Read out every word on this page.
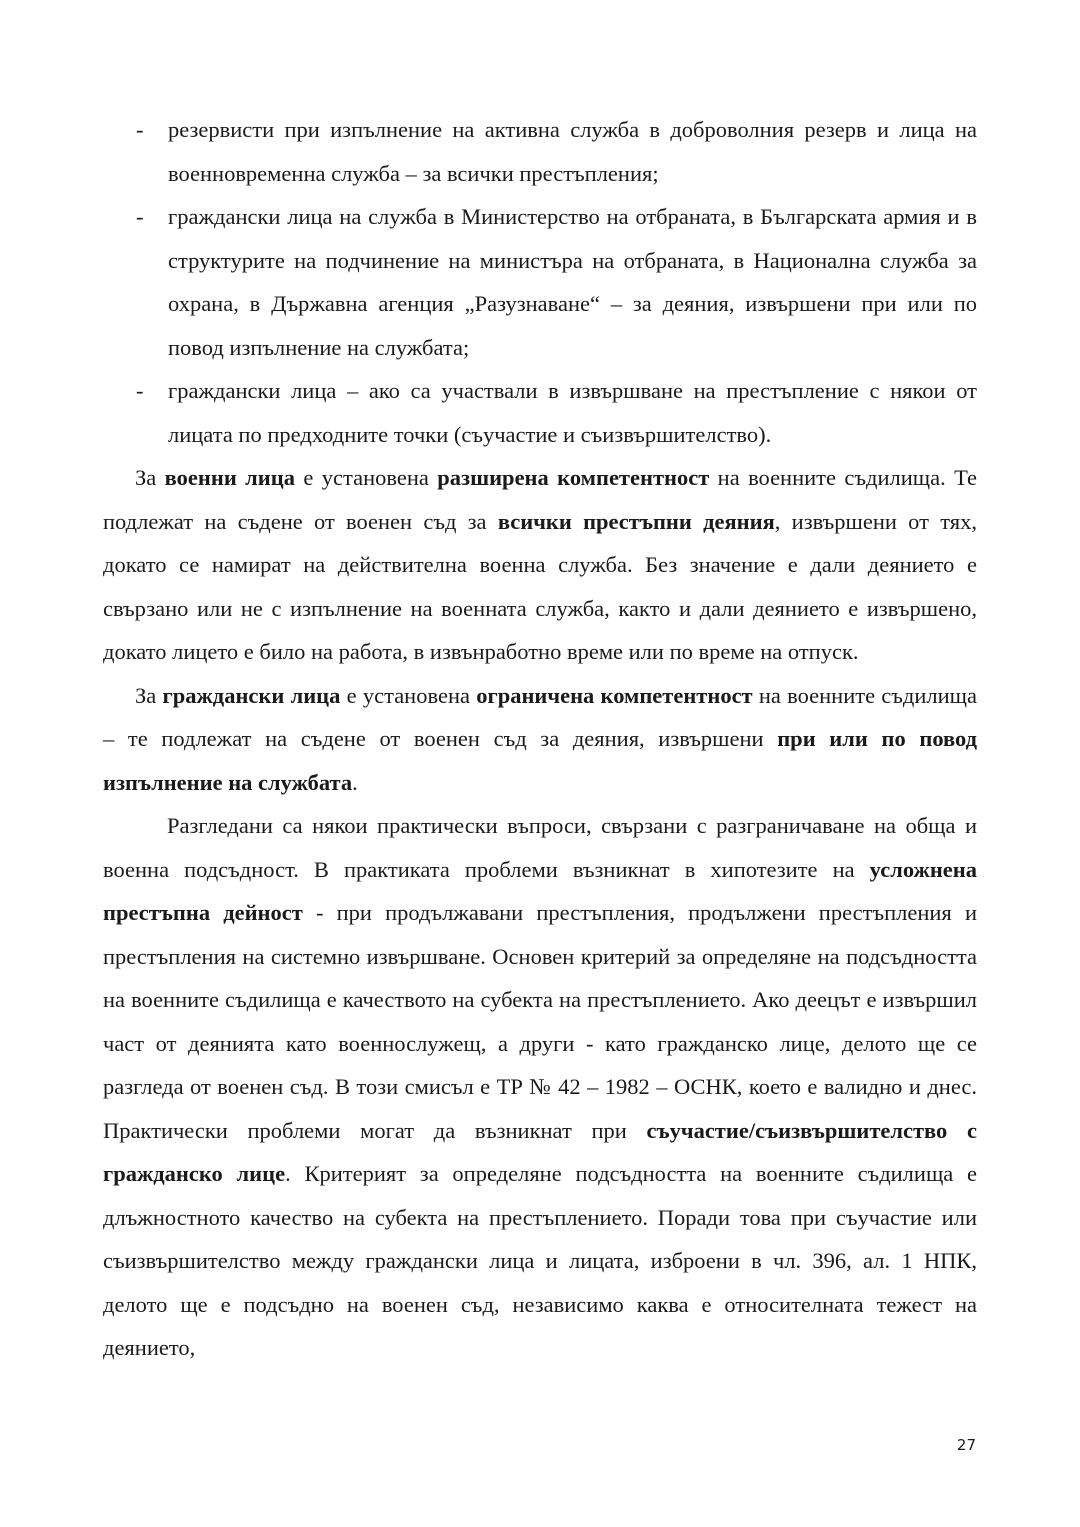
- резервисти при изпълнение на активна служба в доброволния резерв и лица на военновременна служба – за всички престъпления;
- граждански лица на служба в Министерство на отбраната, в Българската армия и в структурите на подчинение на министъра на отбраната, в Национална служба за охрана, в Държавна агенция „Разузнаване“ – за деяния, извършени при или по повод изпълнение на службата;
- граждански лица – ако са участвали в извършване на престъпление с някои от лицата по предходните точки (съучастие и съизвършителство).

За военни лица е установена разширена компетентност на военните съдилища. Те подлежат на съдене от военен съд за всички престъпни деяния, извършени от тях, докато се намират на действителна военна служба. Без значение е дали деянието е свързано или не с изпълнение на военната служба, както и дали деянието е извършено, докато лицето е било на работа, в извънработно време или по време на отпуск.

За граждански лица е установена ограничена компетентност на военните съдилища – те подлежат на съдене от военен съд за деяния, извършени при или по повод изпълнение на службата.

Разгледани са някои практически въпроси, свързани с разграничаване на обща и военна подсъдност. В практиката проблеми възникнат в хипотезите на усложнена престъпна дейност - при продължавани престъпления, продължени престъпления и престъпления на системно извършване. Основен критерий за определяне на подсъдността на военните съдилища е качеството на субекта на престъплението. Ако деецът е извършил част от деянията като военнослужещ, а други - като гражданско лице, делото ще се разгледа от военен съд. В този смисъл е ТР № 42 – 1982 – ОСНК, което е валидно и днес. Практически проблеми могат да възникнат при съучастие/съизвършителство с гражданско лице. Критерият за определяне подсъдността на военните съдилища е длъжностното качество на субекта на престъплението. Поради това при съучастие или съизвършителство между граждански лица и лицата, изброени в чл. 396, ал. 1 НПК, делото ще е подсъдно на военен съд, независимо каква е относителната тежест на деянието,

27
